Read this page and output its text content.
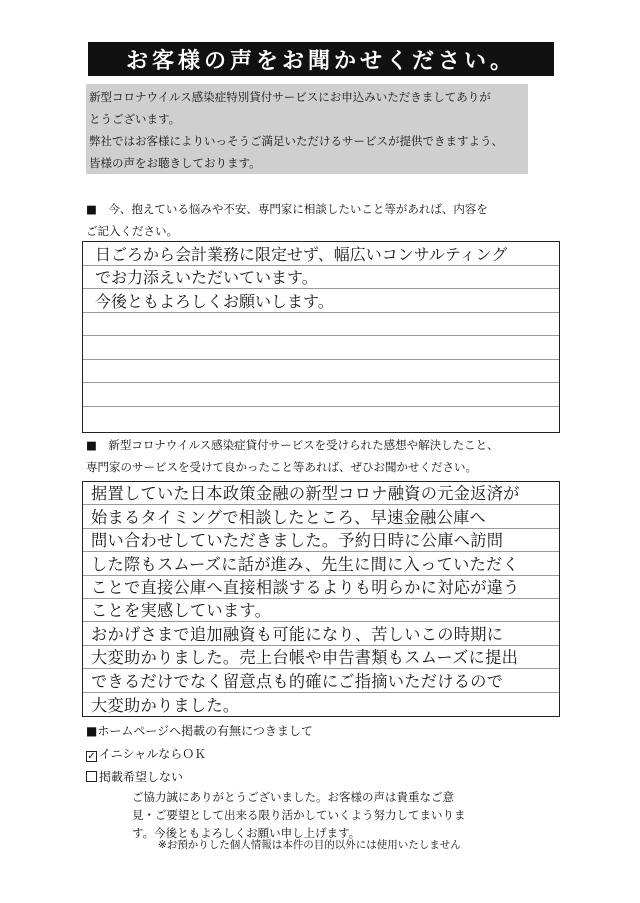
お客様の声をお聞かせください。

新型コロナウイルス感染症特別貸付サービスにお申込みいただきましてありが

とうございます。

弊社ではお客様によりいっそうご満足いただけるサービスが提供できますよう、

皆様の声をお聴きしております。

■　今、抱えている悩みや不安、専門家に相談したいこと等があれば、内容を

ご記入ください。

日ごろから会計業務に限定せず、幅広いコンサルティング
でお力添えいただいています。
今後ともよろしくお願いします。

■　新型コロナウイルス感染症貸付サービスを受けられた感想や解決したこと、

専門家のサービスを受けて良かったこと等あれば、ぜひお聞かせください。

据置していた日本政策金融の新型コロナ融資の元金返済が
始まるタイミングで相談したところ、早速金融公庫へ
問い合わせしていただきました。予約日時に公庫へ訪問
した際もスムーズに話が進み、先生に間に入っていただく
ことで直接公庫へ直接相談するよりも明らかに対応が違う
ことを実感しています。
おかげさまで追加融資も可能になり、苦しいこの時期に
大変助かりました。売上台帳や申告書類もスムーズに提出
できるだけでなく留意点も的確にご指摘いただけるので
大変助かりました。

■ホームページへ掲載の有無につきまして

✓ イニシャルならＯＫ

掲載希望しない

ご協力誠にありがとうございました。お客様の声は貴重なご意

見・ご要望として出来る限り活かしていくよう努力してまいりま

す。今後ともよろしくお願い申し上げます。

※お預かりした個人情報は本件の目的以外には使用いたしません
